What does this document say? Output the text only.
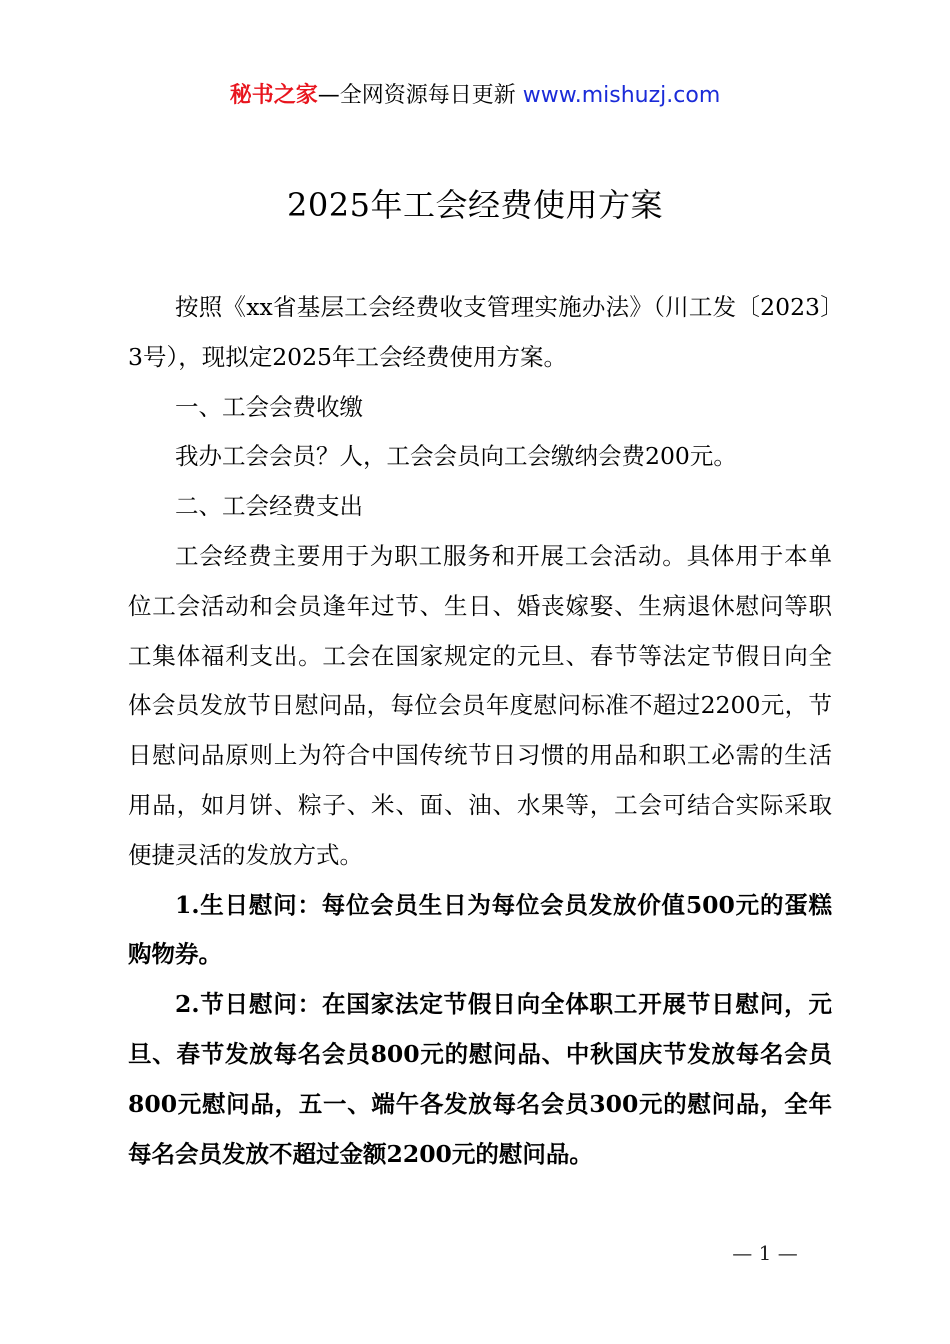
秘书之家—全网资源每日更新 www.mishuzj.com
2025年工会经费使用方案

按照《xx省基层工会经费收支管理实施办法》（川工发〔2023〕3号），现拟定2025年工会经费使用方案。

一、工会会费收缴

我办工会会员？人，工会会员向工会缴纳会费200元。

二、工会经费支出

工会经费主要用于为职工服务和开展工会活动。具体用于本单位工会活动和会员逢年过节、生日、婚丧嫁娶、生病退休慰问等职工集体福利支出。工会在国家规定的元旦、春节等法定节假日向全体会员发放节日慰问品，每位会员年度慰问标准不超过2200元，节日慰问品原则上为符合中国传统节日习惯的用品和职工必需的生活用品，如月饼、粽子、米、面、油、水果等，工会可结合实际采取便捷灵活的发放方式。

1.生日慰问：每位会员生日为每位会员发放价值500元的蛋糕购物券。

2.节日慰问：在国家法定节假日向全体职工开展节日慰问，元旦、春节发放每名会员800元的慰问品、中秋国庆节发放每名会员800元慰问品，五一、端午各发放每名会员300元的慰问品，全年每名会员发放不超过金额2200元的慰问品。

— 1 —
